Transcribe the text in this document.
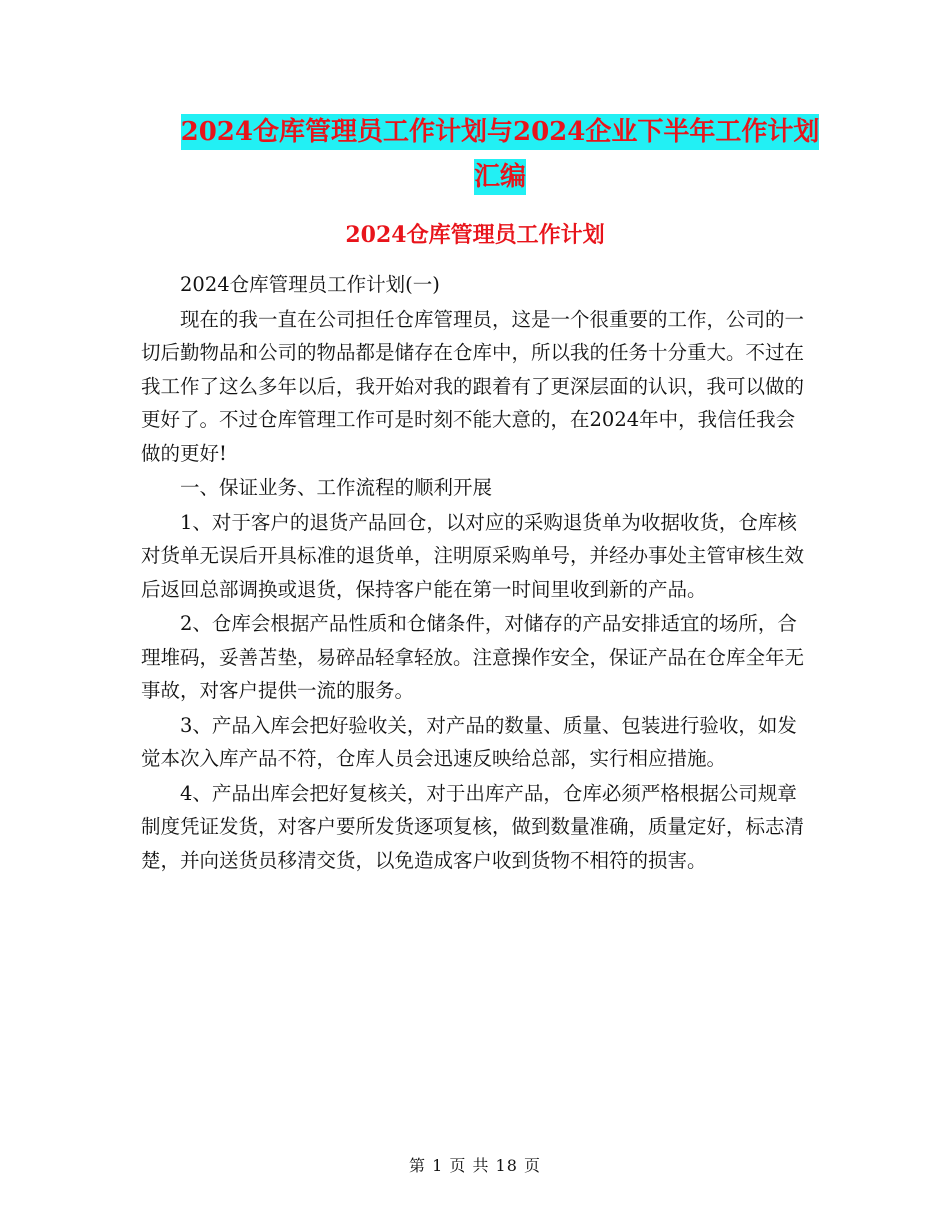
2024仓库管理员工作计划与2024企业下半年工作计划
汇编
2024仓库管理员工作计划

2024仓库管理员工作计划(一)

现在的我一直在公司担任仓库管理员，这是一个很重要的工作，公司的一切后勤物品和公司的物品都是储存在仓库中，所以我的任务十分重大。不过在我工作了这么多年以后，我开始对我的跟着有了更深层面的认识，我可以做的更好了。不过仓库管理工作可是时刻不能大意的，在2024年中，我信任我会做的更好!

一、保证业务、工作流程的顺利开展

1、对于客户的退货产品回仓，以对应的采购退货单为收据收货，仓库核对货单无误后开具标准的退货单，注明原采购单号，并经办事处主管审核生效后返回总部调换或退货，保持客户能在第一时间里收到新的产品。

2、仓库会根据产品性质和仓储条件，对储存的产品安排适宜的场所，合理堆码，妥善苫垫，易碎品轻拿轻放。注意操作安全，保证产品在仓库全年无事故，对客户提供一流的服务。

3、产品入库会把好验收关，对产品的数量、质量、包装进行验收，如发觉本次入库产品不符，仓库人员会迅速反映给总部，实行相应措施。

4、产品出库会把好复核关，对于出库产品，仓库必须严格根据公司规章制度凭证发货，对客户要所发货逐项复核，做到数量准确，质量定好，标志清楚，并向送货员移清交货，以免造成客户收到货物不相符的损害。

第 1 页 共 18 页
